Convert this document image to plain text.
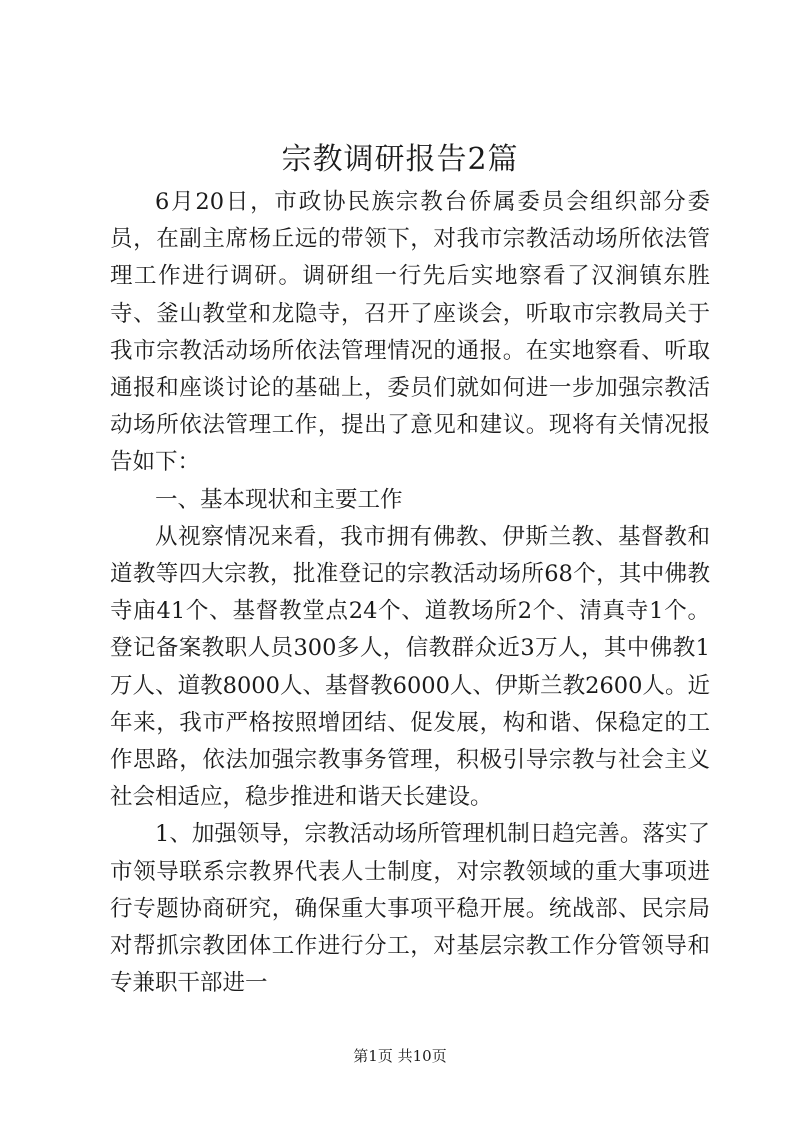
宗教调研报告2篇

6月20日，市政协民族宗教台侨属委员会组织部分委员，在副主席杨丘远的带领下，对我市宗教活动场所依法管理工作进行调研。调研组一行先后实地察看了汉涧镇东胜寺、釜山教堂和龙隐寺，召开了座谈会，听取市宗教局关于我市宗教活动场所依法管理情况的通报。在实地察看、听取通报和座谈讨论的基础上，委员们就如何进一步加强宗教活动场所依法管理工作，提出了意见和建议。现将有关情况报告如下：

一、基本现状和主要工作

从视察情况来看，我市拥有佛教、伊斯兰教、基督教和道教等四大宗教，批准登记的宗教活动场所68个，其中佛教寺庙41个、基督教堂点24个、道教场所2个、清真寺1个。登记备案教职人员300多人，信教群众近3万人，其中佛教1万人、道教8000人、基督教6000人、伊斯兰教2600人。近年来，我市严格按照增团结、促发展，构和谐、保稳定的工作思路，依法加强宗教事务管理，积极引导宗教与社会主义社会相适应，稳步推进和谐天长建设。

1、加强领导，宗教活动场所管理机制日趋完善。落实了市领导联系宗教界代表人士制度，对宗教领域的重大事项进行专题协商研究，确保重大事项平稳开展。统战部、民宗局对帮抓宗教团体工作进行分工，对基层宗教工作分管领导和专兼职干部进一

第1页 共10页
